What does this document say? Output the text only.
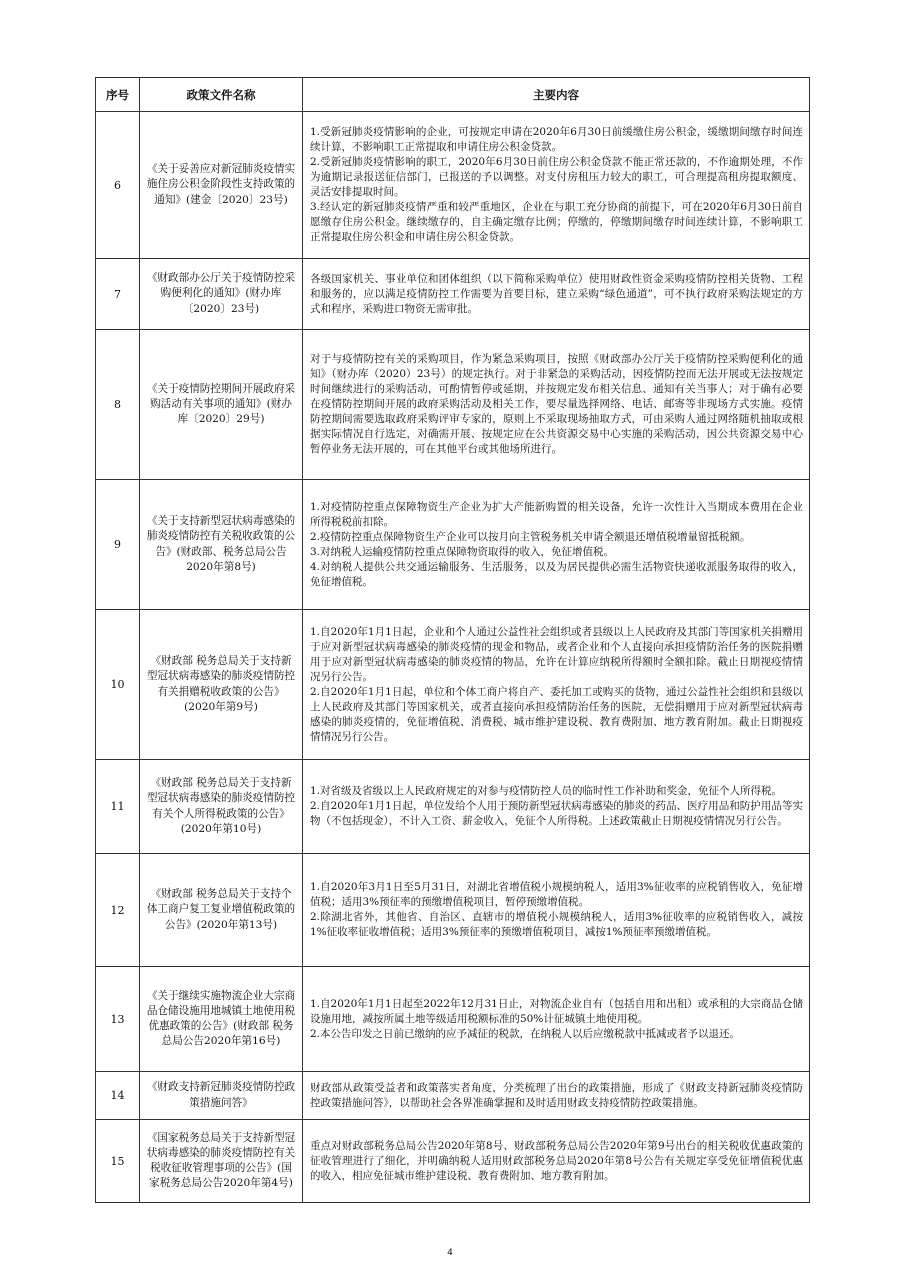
序号	政策文件名称	主要内容
6	《关于妥善应对新冠肺炎疫情实施住房公积金阶段性支持政策的通知》(建金〔2020〕23号)	1.受新冠肺炎疫情影响的企业，可按规定申请在2020年6月30日前缓缴住房公积金，缓缴期间缴存时间连续计算，不影响职工正常提取和申请住房公积金贷款。

2.受新冠肺炎疫情影响的职工，2020年6月30日前住房公积金贷款不能正常还款的，不作逾期处理，不作为逾期记录报送征信部门，已报送的予以调整。对支付房租压力较大的职工，可合理提高租房提取额度、灵活安排提取时间。

3.经认定的新冠肺炎疫情严重和较严重地区，企业在与职工充分协商的前提下，可在2020年6月30日前自愿缴存住房公积金。继续缴存的，自主确定缴存比例；停缴的，停缴期间缴存时间连续计算，不影响职工正常提取住房公积金和申请住房公积金贷款。

7	《财政部办公厅关于疫情防控采购便利化的通知》(财办库〔2020〕23号)	各级国家机关、事业单位和团体组织（以下简称采购单位）使用财政性资金采购疫情防控相关货物、工程和服务的，应以满足疫情防控工作需要为首要目标，建立采购“绿色通道”，可不执行政府采购法规定的方式和程序，采购进口物资无需审批。

8	《关于疫情防控期间开展政府采购活动有关事项的通知》(财办库〔2020〕29号)	对于与疫情防控有关的采购项目，作为紧急采购项目，按照《财政部办公厅关于疫情防控采购便利化的通知》（财办库（2020）23号）的规定执行。对于非紧急的采购活动，因疫情防控而无法开展或无法按规定时间继续进行的采购活动，可酌情暂停或延期，并按规定发布相关信息、通知有关当事人；对于确有必要在疫情防控期间开展的政府采购活动及相关工作，要尽量选择网络、电话、邮寄等非现场方式实施。疫情防控期间需要选取政府采购评审专家的，原则上不采取现场抽取方式，可由采购人通过网络随机抽取或根据实际情况自行选定，对确需开展、按规定应在公共资源交易中心实施的采购活动，因公共资源交易中心暂停业务无法开展的，可在其他平台或其他场所进行。

9	《关于支持新型冠状病毒感染的肺炎疫情防控有关税收政策的公告》(财政部、税务总局公告2020年第8号)	1.对疫情防控重点保障物资生产企业为扩大产能新购置的相关设备，允许一次性计入当期成本费用在企业所得税税前扣除。

2.疫情防控重点保障物资生产企业可以按月向主管税务机关申请全额退还增值税增量留抵税额。

3.对纳税人运输疫情防控重点保障物资取得的收入，免征增值税。

4.对纳税人提供公共交通运输服务、生活服务，以及为居民提供必需生活物资快递收派服务取得的收入，免征增值税。

10	《财政部 税务总局关于支持新型冠状病毒感染的肺炎疫情防控有关捐赠税收政策的公告》(2020年第9号)	1.自2020年1月1日起，企业和个人通过公益性社会组织或者县级以上人民政府及其部门等国家机关捐赠用于应对新型冠状病毒感染的肺炎疫情的现金和物品，或者企业和个人直接向承担疫情防治任务的医院捐赠用于应对新型冠状病毒感染的肺炎疫情的物品，允许在计算应纳税所得额时全额扣除。截止日期视疫情情况另行公告。

2.自2020年1月1日起，单位和个体工商户将自产、委托加工或购买的货物，通过公益性社会组织和县级以上人民政府及其部门等国家机关，或者直接向承担疫情防治任务的医院，无偿捐赠用于应对新型冠状病毒感染的肺炎疫情的，免征增值税、消费税、城市维护建设税、教育费附加、地方教育附加。截止日期视疫情情况另行公告。

11	《财政部 税务总局关于支持新型冠状病毒感染的肺炎疫情防控有关个人所得税政策的公告》(2020年第10号)	1.对省级及省级以上人民政府规定的对参与疫情防控人员的临时性工作补助和奖金，免征个人所得税。

2.自2020年1月1日起，单位发给个人用于预防新型冠状病毒感染的肺炎的药品、医疗用品和防护用品等实物（不包括现金），不计入工资、薪金收入，免征个人所得税。上述政策截止日期视疫情情况另行公告。

12	《财政部 税务总局关于支持个体工商户复工复业增值税政策的公告》(2020年第13号)	1.自2020年3月1日至5月31日，对湖北省增值税小规模纳税人，适用3%征收率的应税销售收入，免征增值税；适用3%预征率的预缴增值税项目，暂停预缴增值税。

2.除湖北省外，其他省、自治区、直辖市的增值税小规模纳税人，适用3%征收率的应税销售收入，减按1%征收率征收增值税；适用3%预征率的预缴增值税项目，减按1%预征率预缴增值税。

13	《关于继续实施物流企业大宗商品仓储设施用地城镇土地使用税优惠政策的公告》(财政部 税务总局公告2020年第16号)	1.自2020年1月1日起至2022年12月31日止，对物流企业自有（包括自用和出租）或承租的大宗商品仓储设施用地，减按所属土地等级适用税额标准的50%计征城镇土地使用税。

2.本公告印发之日前已缴纳的应予减征的税款，在纳税人以后应缴税款中抵减或者予以退还。

14	《财政支持新冠肺炎疫情防控政策措施问答》	财政部从政策受益者和政策落实者角度，分类梳理了出台的政策措施，形成了《财政支持新冠肺炎疫情防控政策措施问答》，以帮助社会各界准确掌握和及时适用财政支持疫情防控政策措施。

15	《国家税务总局关于支持新型冠状病毒感染的肺炎疫情防控有关税收征收管理事项的公告》(国家税务总局公告2020年第4号)	重点对财政部税务总局公告2020年第8号、财政部税务总局公告2020年第9号出台的相关税收优惠政策的征收管理进行了细化，并明确纳税人适用财政部税务总局2020年第8号公告有关规定享受免征增值税优惠的收入，相应免征城市维护建设税、教育费附加、地方教育附加。

4
